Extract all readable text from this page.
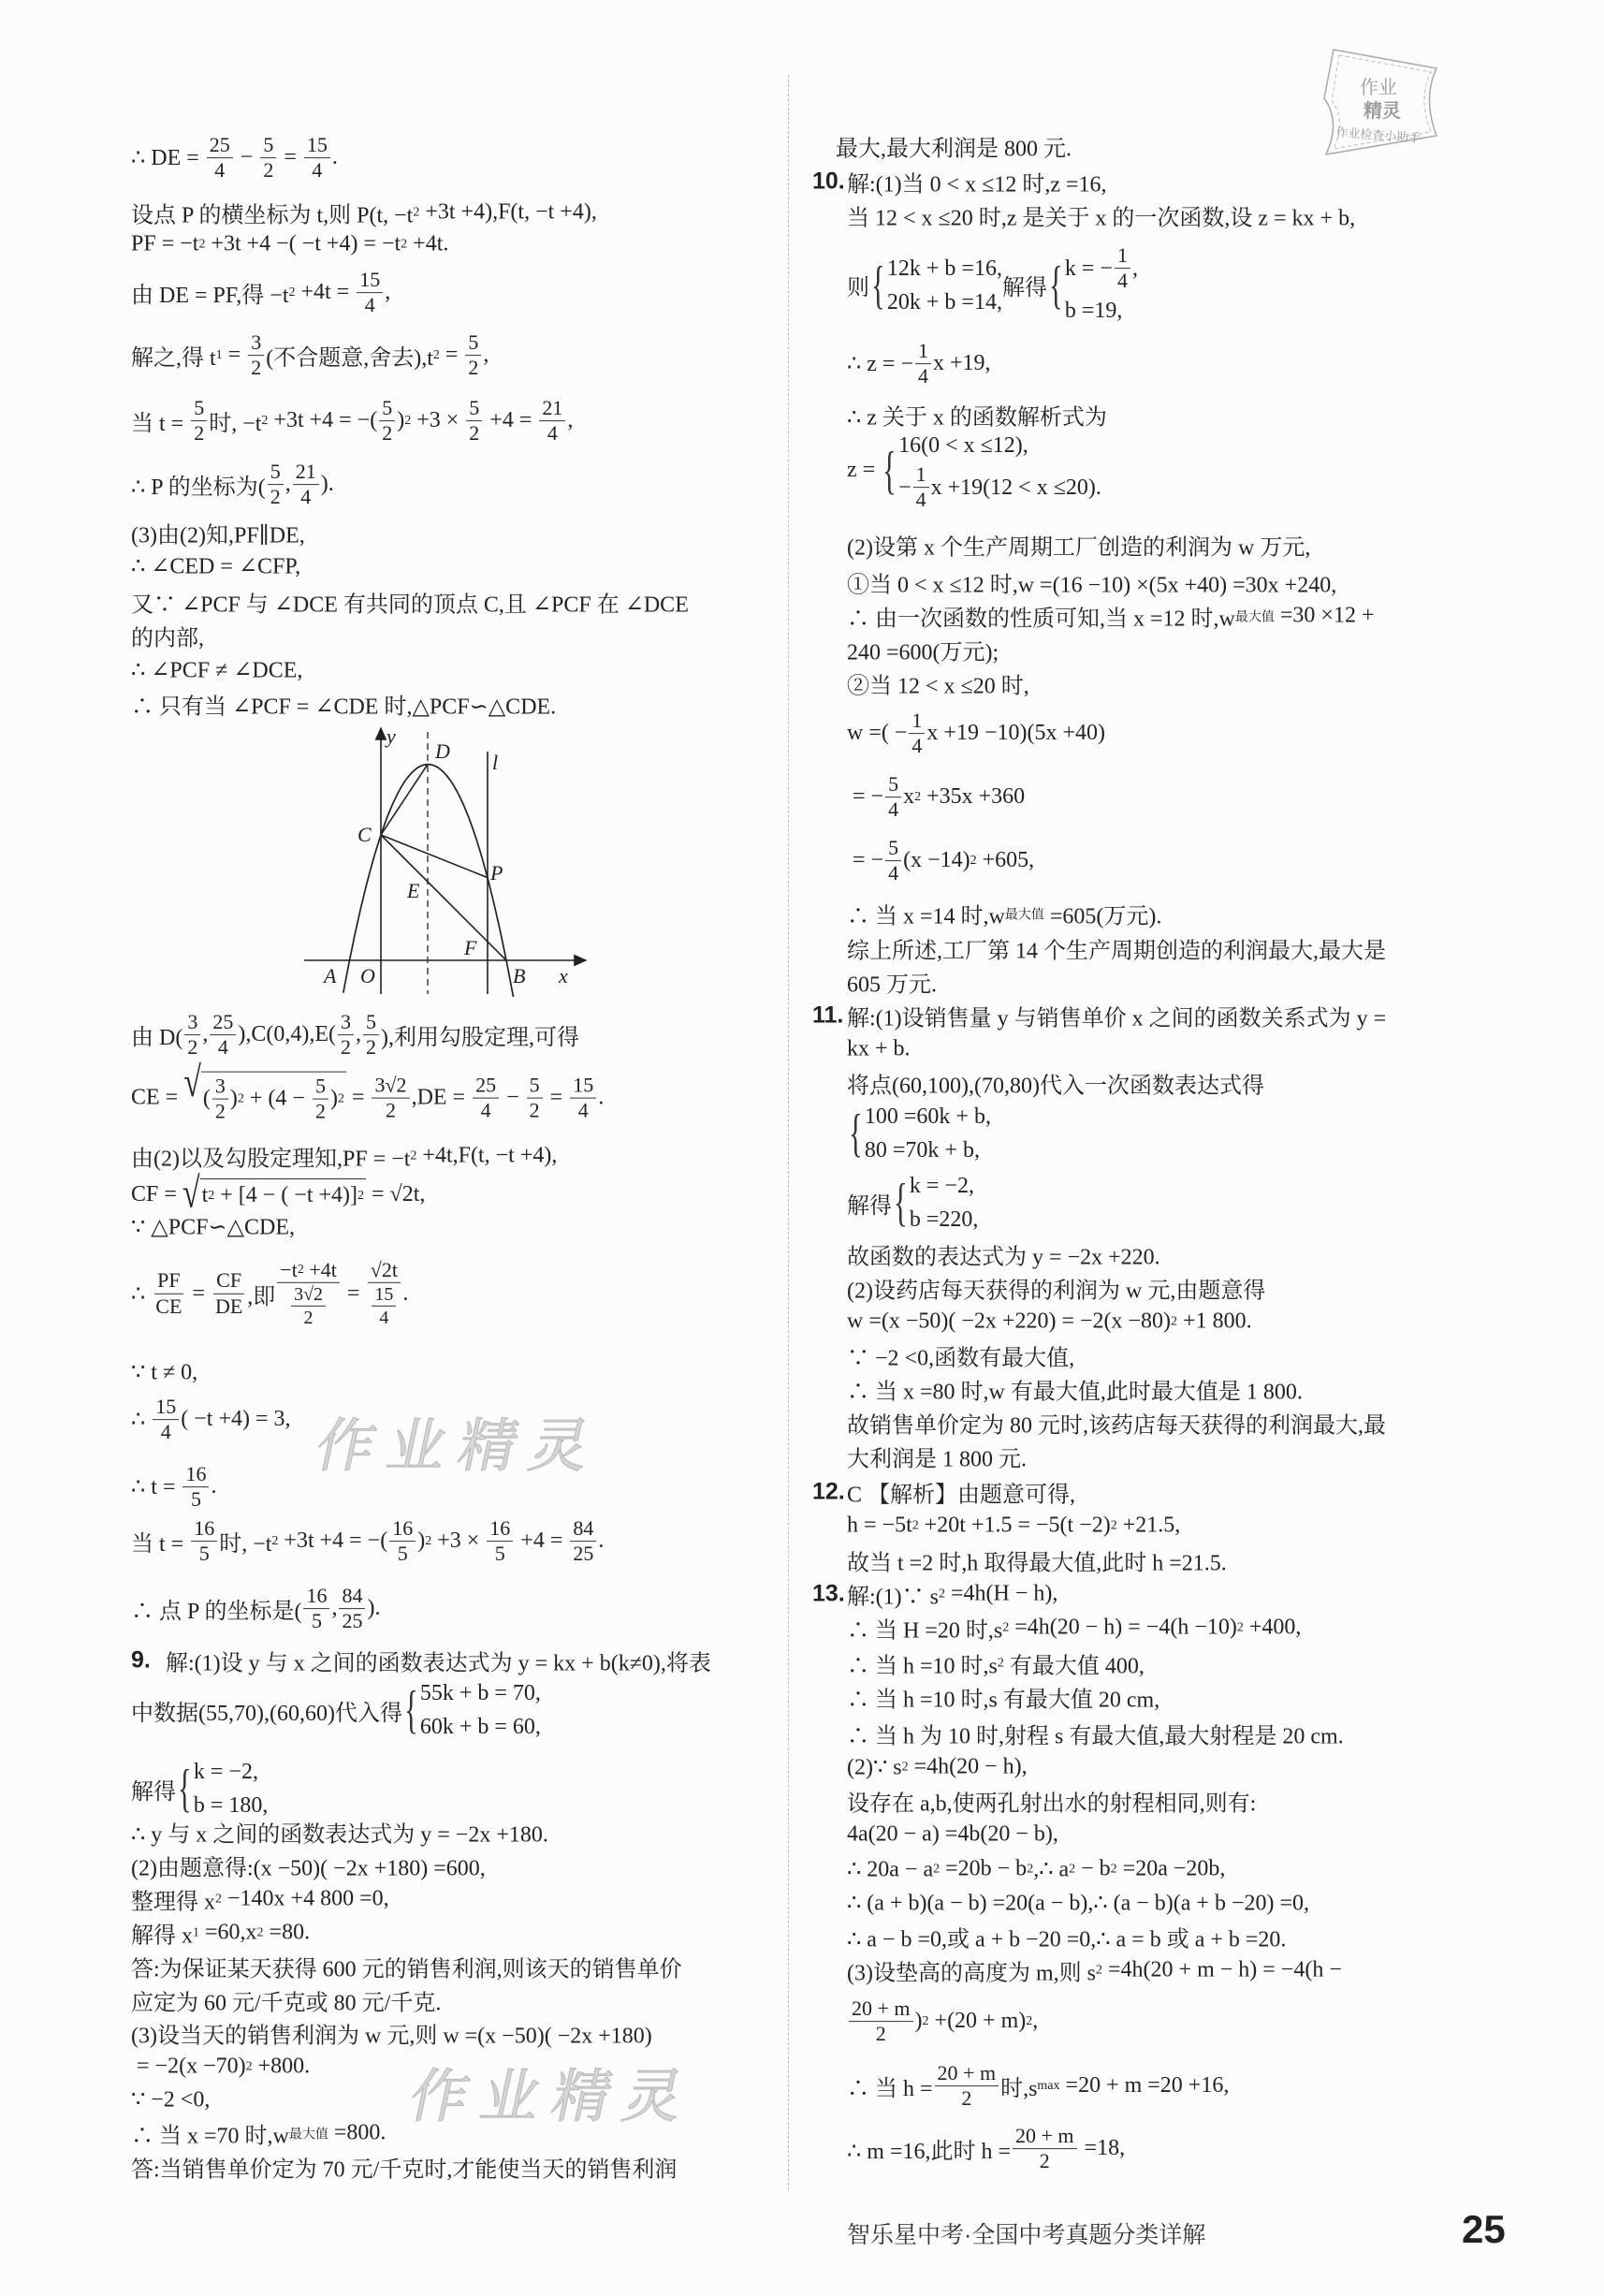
∴ DE = $\frac{25}{4} - \frac{5}{2} = \frac{15}{4}$ .
设点 P 的横坐标为 t,则 P(t, −t 2 +3t +4),F(t, −t +4),
PF = −t 2 +3t +4 −( −t +4) = −t 2 +4t.
由 DE = PF,得 −t $2 +4t = \frac{15}{4}$ ,
解之,得 t $1 = \frac{3}{2}$ (不合题意,舍去),t $2 = \frac{5}{2}$ ,
当 $t = \frac{5}{2}$ 时, −t 2 +3t +4 = −( $\frac{5}{2}$ ) $2 +3 \times \frac{5}{2} +4 = \frac{21}{4}$ ,
∴ P 的坐标为( $\frac{5}{2}$ , $\frac{21}{4}$ ).
(3)由(2)知,PF∥DE,
∴ ∠CED = ∠CFP,
又∵ ∠PCF 与 ∠DCE 有共同的顶点 C,且 ∠PCF 在 ∠DCE
的内部,
∴ ∠PCF ≠ ∠DCE,
∴ 只有当 ∠PCF = ∠CDE 时,△PCF∽△CDE.
由 $D( \frac{3}{2}$ , $\frac{25}{4} ),C(0,4),E( \frac{3}{2}$ , $\frac{5}{2}$ ),利用勾股定理,可得
CE = √ ( $\frac{3}{2}$ ) $2 + (4 - \frac{5}{2}$ ) $2 = \frac{3√2}{2} ,DE = \frac{25}{4} - \frac{5}{2} = \frac{15}{4}$ .
由(2)以及勾股定理知,PF = −t 2 +4t,F(t, −t +4),
CF = √ t 2 + [4 − ( −t +4)] 2 = √2t,
∵ △PCF∽△CDE,
∴ $\frac{PF}{CE} = \frac{CF}{DE}$ ,即 $\frac{-t 2 +4t}{\frac{3√2}{2}} = \frac{√2t}{\frac{15}{4}}$ .
∵ t ≠ 0,
∴ $\frac{15}{4}$ ( −t +4) = 3,
∴ $t = \frac{16}{5}$ .
当 $t = \frac{16}{5}$ 时, −t 2 +3t +4 = −( $\frac{16}{5}$ ) $2 +3 \times \frac{16}{5} +4 = \frac{84}{25}$ .
∴ 点 P 的坐标是( $\frac{16}{5}$ , $\frac{84}{25}$ ).
9. 解:(1)设 y 与 x 之间的函数表达式为 y = kx + b(k≠0),将表
中数据(55,70),(60,60)代入得
{
55k + b = 70,
60k + b = 60,
解得
{
k = −2,
b = 180,
∴ y 与 x 之间的函数表达式为 y = −2x +180.
(2)由题意得:(x −50)( −2x +180) =600,
整理得 x 2 −140x +4 800 =0,
解得 x 1 =60,x 2 =80.
答:为保证某天获得 600 元的销售利润,则该天的销售单价
应定为 60 元/千克或 80 元/千克.
(3)设当天的销售利润为 w 元,则 w =(x −50)( −2x +180)
= −2(x −70) 2 +800.
∵ −2 <0,
∴ 当 x =70 时,w 最大值 =800.
答:当销售单价定为 70 元/千克时,才能使当天的销售利润
最大,最大利润是 800 元.
10. 解:(1)当 0 < x ≤12 时,z =16,
当 12 < x ≤20 时,z 是关于 x 的一次函数,设 z = kx + b,
则
{
12k + b =16,
20k + b =14,
解得
{
k = − $\frac{1}{4}$ ,
b =19,
∴ z = − $\frac{1}{4}$ x +19,
∴ z 关于 x 的函数解析式为
z =
{
16(0 < x ≤12),
− $\frac{1}{4}$ x +19(12 < x ≤20).
(2)设第 x 个生产周期工厂创造的利润为 w 万元,
①当 0 < x ≤12 时,w =(16 −10) ×(5x +40) =30x +240,
∴ 由一次函数的性质可知,当 x =12 时,w 最大值 =30 ×12 +
240 =600(万元);
②当 12 < x ≤20 时,
w =( − $\frac{1}{4}$ x +19 −10)(5x +40)
= − $\frac{5}{4}$ x 2 +35x +360
= − $\frac{5}{4} (x -14)$ 2 +605,
∴ 当 x =14 时,w 最大值 =605(万元).
综上所述,工厂第 14 个生产周期创造的利润最大,最大是
605 万元.
11. 解:(1)设销售量 y 与销售单价 x 之间的函数关系式为 y =
kx + b.
将点(60,100),(70,80)代入一次函数表达式得
{
100 =60k + b,
80 =70k + b,
解得
{
k = −2,
b =220,
故函数的表达式为 y = −2x +220.
(2)设药店每天获得的利润为 w 元,由题意得
w =(x −50)( −2x +220) = −2(x −80) 2 +1 800.
∵ −2 <0,函数有最大值,
∴ 当 x =80 时,w 有最大值,此时最大值是 1 800.
故销售单价定为 80 元时,该药店每天获得的利润最大,最
大利润是 1 800 元.
12. C 【解析】由题意可得,
h = −5t 2 +20t +1.5 = −5(t −2) 2 +21.5,
故当 t =2 时,h 取得最大值,此时 h =21.5.
13. 解:(1)∵ s 2 =4h(H − h),
∴ 当 H =20 时,s 2 =4h(20 − h) = −4(h −10) 2 +400,
∴ 当 h =10 时,s 2 有最大值 400,
∴ 当 h =10 时,s 有最大值 20 cm,
∴ 当 h 为 10 时,射程 s 有最大值,最大射程是 20 cm.
(2)∵ s 2 =4h(20 − h),
设存在 a,b,使两孔射出水的射程相同,则有:
4a(20 − a) =4b(20 − b),
∴ 20a − a 2 =20b − b 2 ,∴ a 2 − b 2 =20a −20b,
∴ (a + b)(a − b) =20(a − b),∴ (a − b)(a + b −20) =0,
∴ a − b =0,或 a + b −20 =0,∴ a = b 或 a + b =20.
(3)设垫高的高度为 m,则 s 2 =4h(20 + m − h) = −4(h −
$\frac{20 + m}{2}$ ) 2 +(20 + m) 2 ,
∴ 当 $h = \frac{20 + m}{2}$ 时,s max =20 + m =20 +16,
∴ m =16,此时 $h = \frac{20 + m}{2} =18$,
y
D l
C
P
E
F
A O	B x
作业
精灵
作业检查小助手
作业精灵
作业精灵
智乐星中考·全国中考真题分类详解	25
